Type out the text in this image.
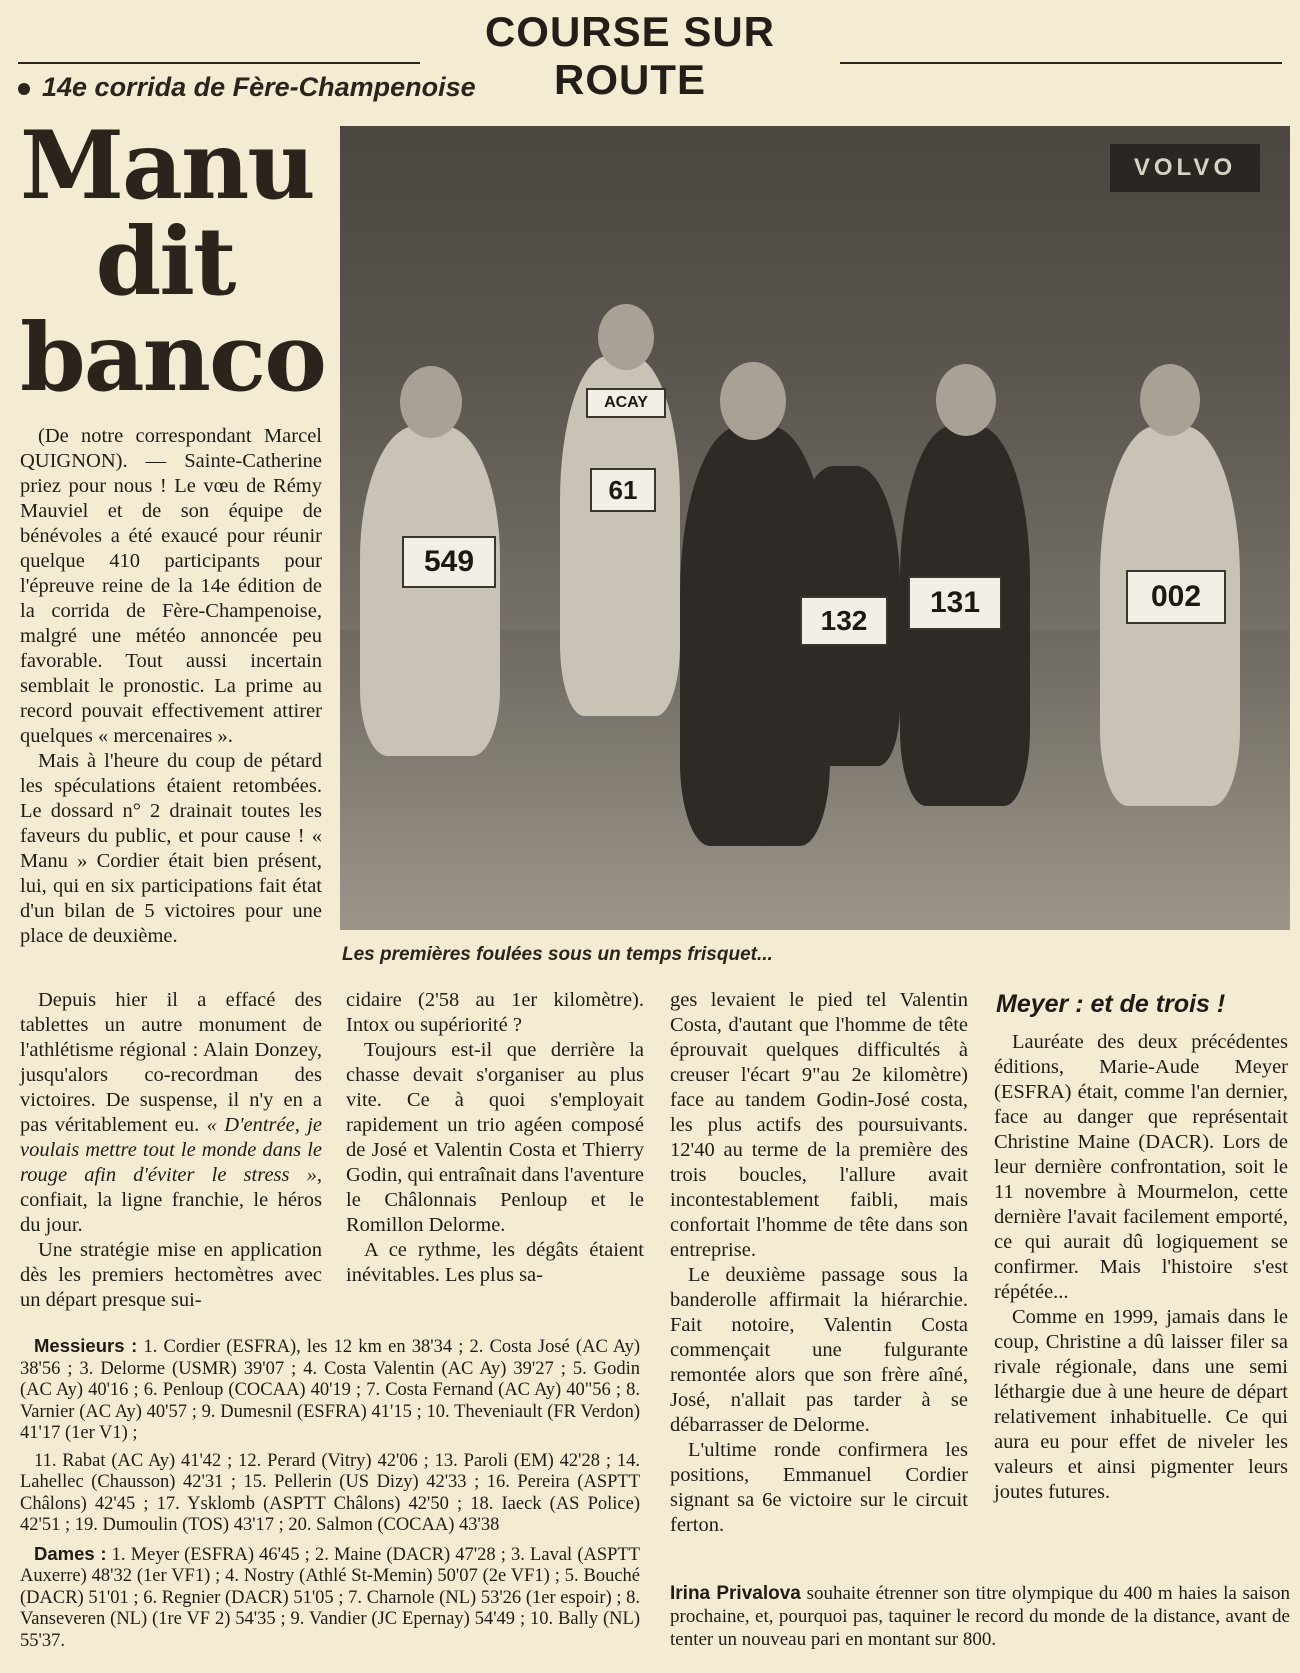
COURSE SUR ROUTE
14e corrida de Fère-Champenoise
Manu
dit
banco
VOLVO
549
ACAY
61
132
131	002
Les premières foulées sous un temps frisquet...

(De notre correspondant Marcel QUIGNON). — Sainte-Catherine priez pour nous ! Le vœu de Rémy Mauviel et de son équipe de bénévoles a été exaucé pour réunir quelque 410 participants pour l'épreuve reine de la 14e édition de la corrida de Fère-Champenoise, malgré une météo annoncée peu favorable. Tout aussi incertain semblait le pronostic. La prime au record pouvait effectivement attirer quelques « mercenaires ».

Mais à l'heure du coup de pétard les spéculations étaient retombées. Le dossard n° 2 drainait toutes les faveurs du public, et pour cause ! « Manu » Cordier était bien présent, lui, qui en six participations fait état d'un bilan de 5 victoires pour une place de deuxième.

Depuis hier il a effacé des tablettes un autre monument de l'athlétisme régional : Alain Donzey, jusqu'alors co-recordman des victoires. De suspense, il n'y en a pas véritablement eu. « D'entrée, je voulais mettre tout le monde dans le rouge afin d'éviter le stress », confiait, la ligne franchie, le héros du jour.

Une stratégie mise en application dès les premiers hectomètres avec un départ presque sui-

cidaire (2'58 au 1er kilomètre). Intox ou supériorité ?

Toujours est-il que derrière la chasse devait s'organiser au plus vite. Ce à quoi s'employait rapidement un trio agéen composé de José et Valentin Costa et Thierry Godin, qui entraînait dans l'aventure le Châlonnais Penloup et le Romillon Delorme.

A ce rythme, les dégâts étaient inévitables. Les plus sa-

ges levaient le pied tel Valentin Costa, d'autant que l'homme de tête éprouvait quelques difficultés à creuser l'écart 9"au 2e kilomètre) face au tandem Godin-José costa, les plus actifs des poursuivants. 12'40 au terme de la première des trois boucles, l'allure avait incontestablement faibli, mais confortait l'homme de tête dans son entreprise.

Le deuxième passage sous la banderolle affirmait la hiérarchie. Fait notoire, Valentin Costa commençait une fulgurante remontée alors que son frère aîné, José, n'allait pas tarder à se débarrasser de Delorme.

L'ultime ronde confirmera les positions, Emmanuel Cordier signant sa 6e victoire sur le circuit ferton.

Meyer : et de trois !

Lauréate des deux précédentes éditions, Marie-Aude Meyer (ESFRA) était, comme l'an dernier, face au danger que représentait Christine Maine (DACR). Lors de leur dernière confrontation, soit le 11 novembre à Mourmelon, cette dernière l'avait facilement emporté, ce qui aurait dû logiquement se confirmer. Mais l'histoire s'est répétée...

Comme en 1999, jamais dans le coup, Christine a dû laisser filer sa rivale régionale, dans une semi léthargie due à une heure de départ relativement inhabituelle. Ce qui aura eu pour effet de niveler les valeurs et ainsi pigmenter leurs joutes futures.

Messieurs : 1. Cordier (ESFRA), les 12 km en 38'34 ; 2. Costa José (AC Ay) 38'56 ; 3. Delorme (USMR) 39'07 ; 4. Costa Valentin (AC Ay) 39'27 ; 5. Godin (AC Ay) 40'16 ; 6. Penloup (COCAA) 40'19 ; 7. Costa Fernand (AC Ay) 40"56 ; 8. Varnier (AC Ay) 40'57 ; 9. Dumesnil (ESFRA) 41'15 ; 10. Theveniault (FR Verdon) 41'17 (1er V1) ;

11. Rabat (AC Ay) 41'42 ; 12. Perard (Vitry) 42'06 ; 13. Paroli (EM) 42'28 ; 14. Lahellec (Chausson) 42'31 ; 15. Pellerin (US Dizy) 42'33 ; 16. Pereira (ASPTT Châlons) 42'45 ; 17. Ysklomb (ASPTT Châlons) 42'50 ; 18. Iaeck (AS Police) 42'51 ; 19. Dumoulin (TOS) 43'17 ; 20. Salmon (COCAA) 43'38

Dames : 1. Meyer (ESFRA) 46'45 ; 2. Maine (DACR) 47'28 ; 3. Laval (ASPTT Auxerre) 48'32 (1er VF1) ; 4. Nostry (Athlé St-Memin) 50'07 (2e VF1) ; 5. Bouché (DACR) 51'01 ; 6. Regnier (DACR) 51'05 ; 7. Charnole (NL) 53'26 (1er espoir) ; 8. Vanseveren (NL) (1re VF 2) 54'35 ; 9. Vandier (JC Epernay) 54'49 ; 10. Bally (NL) 55'37.

Irina Privalova souhaite étrenner son titre olympique du 400 m haies la saison prochaine, et, pourquoi pas, taquiner le record du monde de la distance, avant de tenter un nouveau pari en montant sur 800.
